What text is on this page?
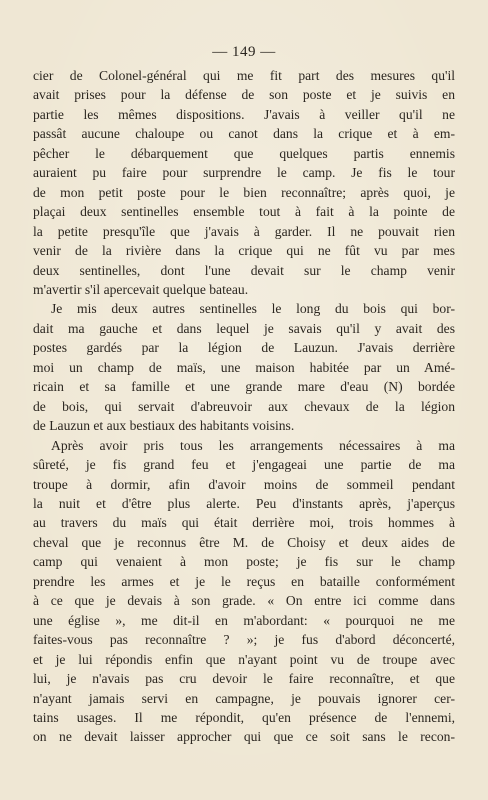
— 149 —
cier de Colonel-général qui me fit part des mesures qu'il
avait prises pour la défense de son poste et je suivis en
partie les mêmes dispositions. J'avais à veiller qu'il ne
passât aucune chaloupe ou canot dans la crique et à em-
pêcher le débarquement que quelques partis ennemis
auraient pu faire pour surprendre le camp. Je fis le tour
de mon petit poste pour le bien reconnaître; après quoi, je
plaçai deux sentinelles ensemble tout à fait à la pointe de
la petite presqu'île que j'avais à garder. Il ne pouvait rien
venir de la rivière dans la crique qui ne fût vu par mes
deux sentinelles, dont l'une devait sur le champ venir
m'avertir s'il apercevait quelque bateau.
Je mis deux autres sentinelles le long du bois qui bor-
dait ma gauche et dans lequel je savais qu'il y avait des
postes gardés par la légion de Lauzun. J'avais derrière
moi un champ de maïs, une maison habitée par un Amé-
ricain et sa famille et une grande mare d'eau (N) bordée
de bois, qui servait d'abreuvoir aux chevaux de la légion
de Lauzun et aux bestiaux des habitants voisins.
Après avoir pris tous les arrangements nécessaires à ma
sûreté, je fis grand feu et j'engageai une partie de ma
troupe à dormir, afin d'avoir moins de sommeil pendant
la nuit et d'être plus alerte. Peu d'instants après, j'aperçus
au travers du maïs qui était derrière moi, trois hommes à
cheval que je reconnus être M. de Choisy et deux aides de
camp qui venaient à mon poste; je fis sur le champ
prendre les armes et je le reçus en bataille conformément
à ce que je devais à son grade. « On entre ici comme dans
une église », me dit-il en m'abordant: « pourquoi ne me
faites-vous pas reconnaître ? »; je fus d'abord déconcerté,
et je lui répondis enfin que n'ayant point vu de troupe avec
lui, je n'avais pas cru devoir le faire reconnaître, et que
n'ayant jamais servi en campagne, je pouvais ignorer cer-
tains usages. Il me répondit, qu'en présence de l'ennemi,
on ne devait laisser approcher qui que ce soit sans le recon-
